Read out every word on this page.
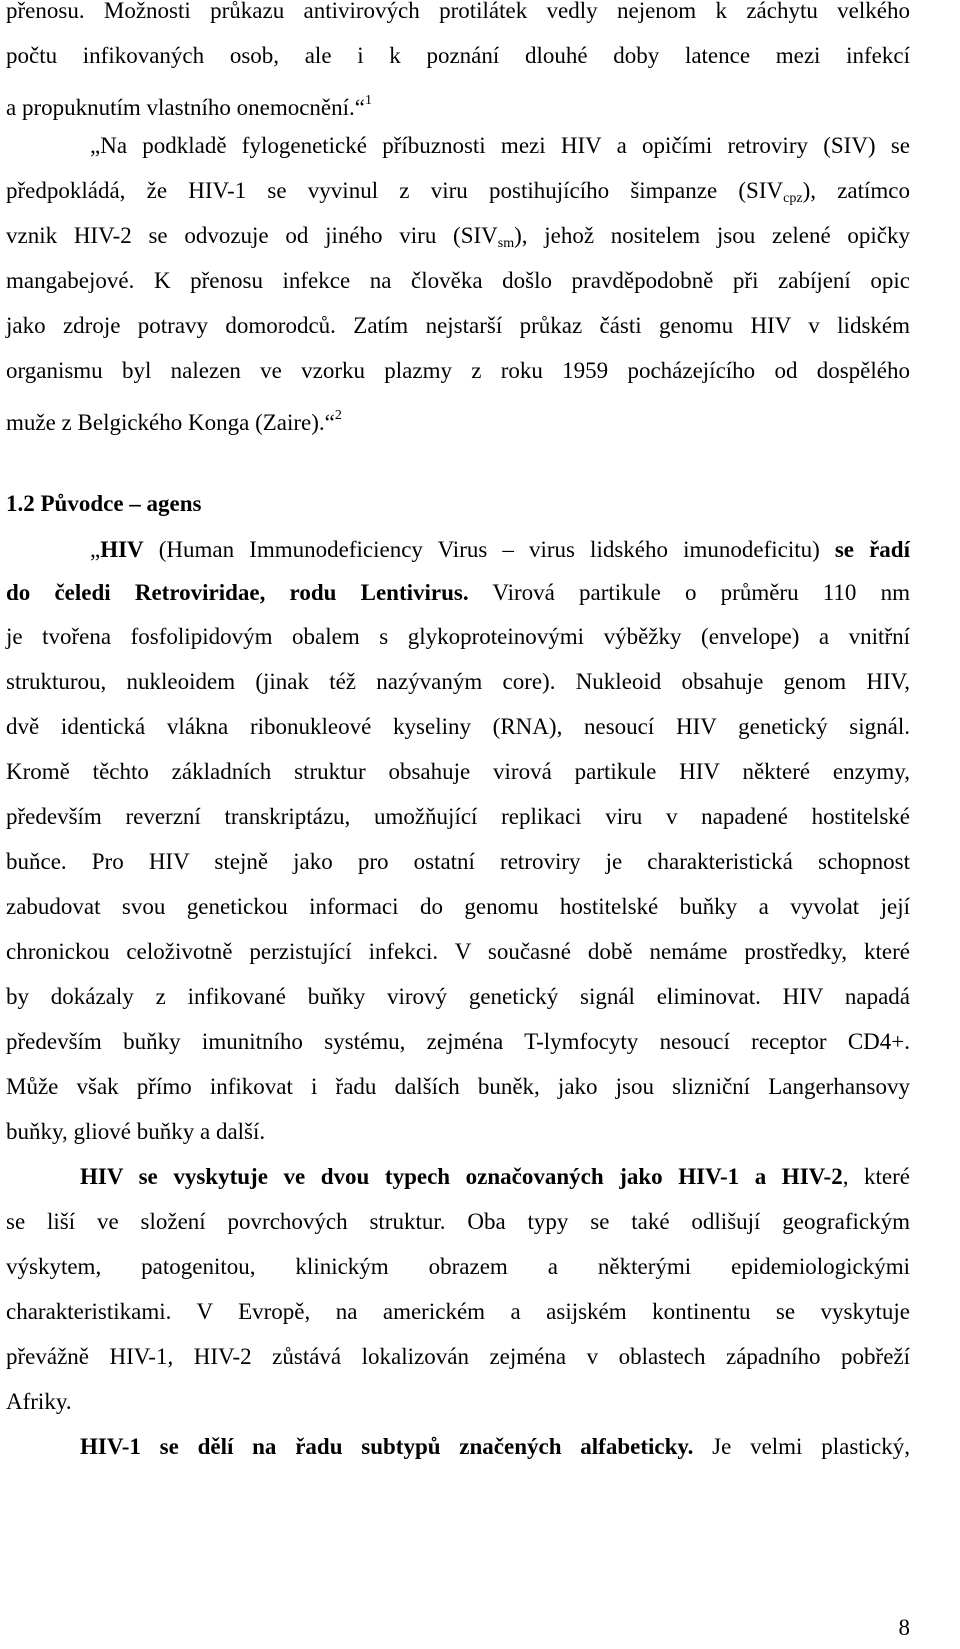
přenosu. Možnosti průkazu antivirových protilátek vedly nejenom k záchytu velkého
počtu infikovaných osob, ale i k poznání dlouhé doby latence mezi infekcí
a propuknutím vlastního onemocnění.“$^1$
„Na podkladě fylogenetické příbuznosti mezi HIV a opičími retroviry (SIV) se
předpokládá, že HIV-1 se vyvinul z viru postihujícího šimpanze $(SIV_{cpz})$, zatímco
vznik HIV-2 se odvozuje od jiného viru $(SIV_{sm})$, jehož nositelem jsou zelené opičky
mangabejové. K přenosu infekce na člověka došlo pravděpodobně při zabíjení opic
jako zdroje potravy domorodců. Zatím nejstarší průkaz části genomu HIV v lidském
organismu byl nalezen ve vzorku plazmy z roku 1959 pocházejícího od dospělého
muže z Belgického Konga (Zaire).“$^2$
1.2 Původce – agens
„HIV (Human Immunodeficiency Virus – virus lidského imunodeficitu) se řadí
do čeledi Retroviridae, rodu Lentivirus. Virová partikule o průměru 110 nm
je tvořena fosfolipidovým obalem s glykoproteinovými výběžky (envelope) a vnitřní
strukturou, nukleoidem (jinak též nazývaným core). Nukleoid obsahuje genom HIV,
dvě identická vlákna ribonukleové kyseliny (RNA), nesoucí HIV genetický signál.
Kromě těchto základních struktur obsahuje virová partikule HIV některé enzymy,
především reverzní transkriptázu, umožňující replikaci viru v napadené hostitelské
buňce. Pro HIV stejně jako pro ostatní retroviry je charakteristická schopnost
zabudovat svou genetickou informaci do genomu hostitelské buňky a vyvolat její
chronickou celoživotně perzistující infekci. V současné době nemáme prostředky, které
by dokázaly z infikované buňky virový genetický signál eliminovat. HIV napadá
především buňky imunitního systému, zejména T-lymfocyty nesoucí receptor CD4+.
Může však přímo infikovat i řadu dalších buněk, jako jsou slizniční Langerhansovy
buňky, gliové buňky a další.
HIV se vyskytuje ve dvou typech označovaných jako HIV-1 a HIV-2, které
se liší ve složení povrchových struktur. Oba typy se také odlišují geografickým
výskytem, patogenitou, klinickým obrazem a některými epidemiologickými
charakteristikami. V Evropě, na americkém a asijském kontinentu se vyskytuje
převážně HIV-1, HIV-2 zůstává lokalizován zejména v oblastech západního pobřeží
Afriky.
HIV-1 se dělí na řadu subtypů značených alfabeticky. Je velmi plastický,
8
